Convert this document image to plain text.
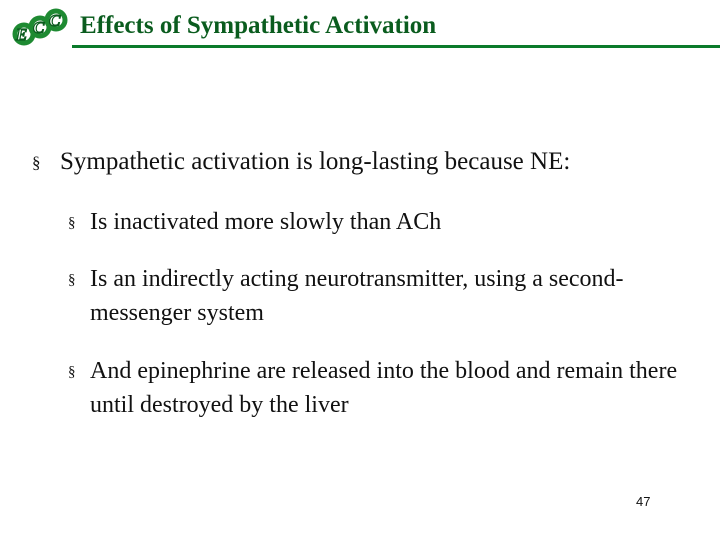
E C C Effects of Sympathetic Activation
§ Sympathetic activation is long-lasting because NE:
§ Is inactivated more slowly than ACh
§ Is an indirectly acting neurotransmitter, using a second-messenger system
§ And epinephrine are released into the blood and remain there until destroyed by the liver
47
